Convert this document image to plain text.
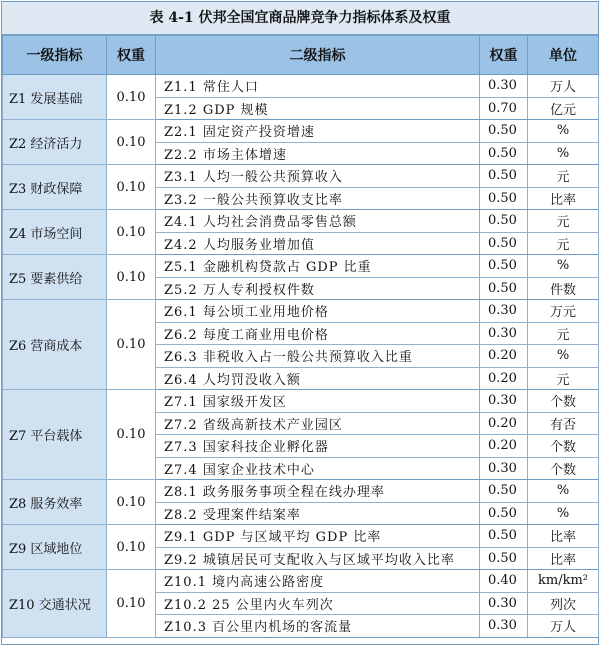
表 4-1 伏邦全国宜商品牌竞争力指标体系及权重
一级指标	权重	二级指标	权重	单位
Z1 发展基础	0.10	Z1.1 常住人口	0.30	万人
		Z1.2 GDP 规模	0.70	亿元
Z2 经济活力	0.10	Z2.1 固定资产投资增速	0.50	%
		Z2.2 市场主体增速	0.50	%
Z3 财政保障	0.10	Z3.1 人均一般公共预算收入	0.50	元
		Z3.2 一般公共预算收支比率	0.50	比率
Z4 市场空间	0.10	Z4.1 人均社会消费品零售总额	0.50	元
		Z4.2 人均服务业增加值	0.50	元
Z5 要素供给	0.10	Z5.1 金融机构贷款占 GDP 比重	0.50	%
		Z5.2 万人专利授权件数	0.50	件数
Z6 营商成本	0.10	Z6.1 每公顷工业用地价格	0.30	万元
		Z6.2 每度工商业用电价格	0.30	元
		Z6.3 非税收入占一般公共预算收入比重	0.20	%
		Z6.4 人均罚没收入额	0.20	元
Z7 平台载体	0.10	Z7.1 国家级开发区	0.30	个数
		Z7.2 省级高新技术产业园区	0.20	有否
		Z7.3 国家科技企业孵化器	0.20	个数
		Z7.4 国家企业技术中心	0.30	个数
Z8 服务效率	0.10	Z8.1 政务服务事项全程在线办理率	0.50	%
		Z8.2 受理案件结案率	0.50	%
Z9 区域地位	0.10	Z9.1 GDP 与区域平均 GDP 比率	0.50	比率
		Z9.2 城镇居民可支配收入与区域平均收入比率	0.50	比率
Z10 交通状况	0.10	Z10.1 境内高速公路密度	0.40	km/km²
		Z10.2 25 公里内火车列次	0.30	列次
		Z10.3 百公里内机场的客流量	0.30	万人
